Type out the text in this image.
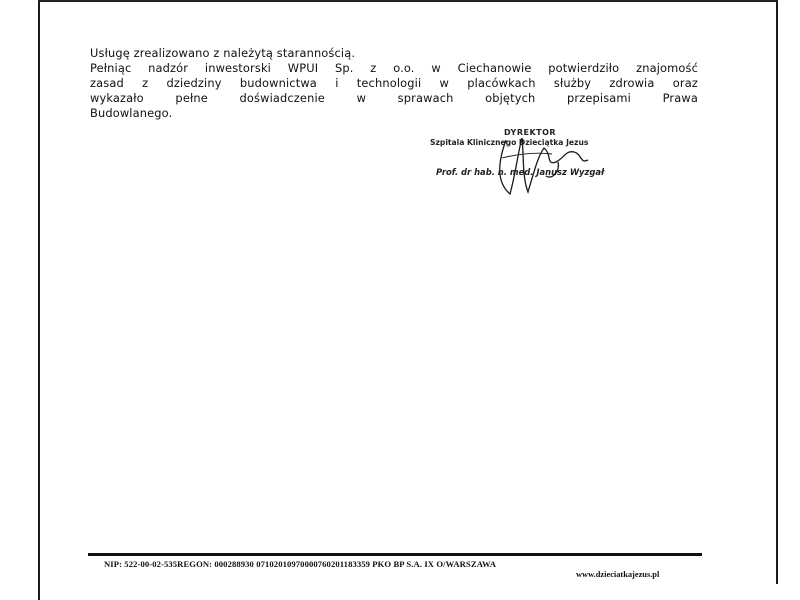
Usługę zrealizowano z należytą starannością.

Pełniąc nadzór inwestorski WPUI Sp. z o.o. w Ciechanowie potwierdziło znajomość

zasad z dziedziny budownictwa i technologii w placówkach służby zdrowia oraz

wykazało pełne doświadczenie w sprawach objętych przepisami Prawa

Budowlanego.

DYREKTOR
Szpitala Klinicznego Dzieciątka Jezus
Prof. dr hab. n. med. Janusz Wyzgał
NIP: 522-00-02-535REGON: 000288930 07102010970000760201183359 PKO BP S.A. IX O/WARSZAWA
www.dzieciatkajezus.pl
